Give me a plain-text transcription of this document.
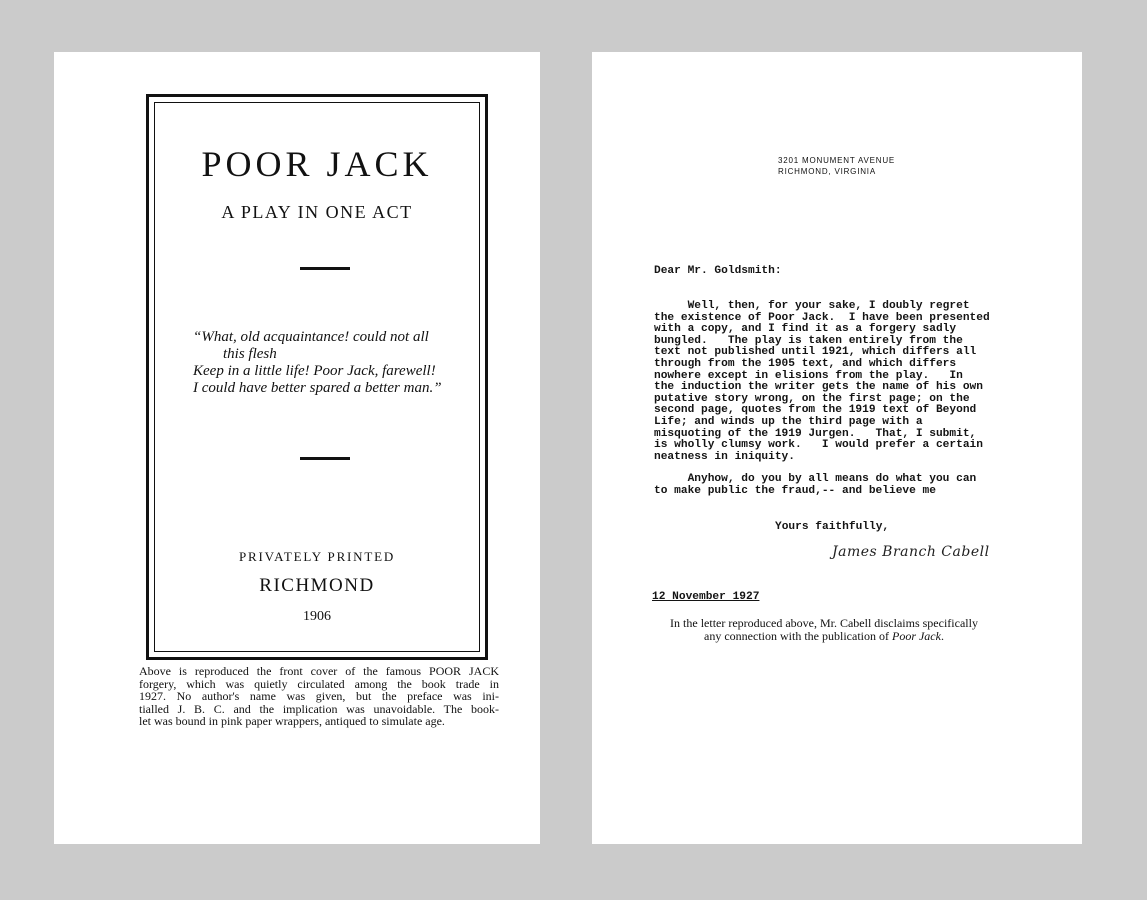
POOR JACK
A PLAY IN ONE ACT
“What, old acquaintance! could not all
this flesh
Keep in a little life! Poor Jack, farewell!
I could have better spared a better man.”
PRIVATELY PRINTED
RICHMOND
1906
Above is reproduced the front cover of the famous POOR JACK
forgery, which was quietly circulated among the book trade in
1927. No author's name was given, but the preface was ini-
tialled J. B. C. and the implication was unavoidable. The book-
let was bound in pink paper wrappers, antiqued to simulate age.
3201 MONUMENT AVENUE
RICHMOND, VIRGINIA
Dear Mr. Goldsmith:
Well, then, for your sake, I doubly regret
the existence of Poor Jack.  I have been presented
with a copy, and I find it as a forgery sadly
bungled.   The play is taken entirely from the
text not published until 1921, which differs all
through from the 1905 text, and which differs
nowhere except in elisions from the play.   In
the induction the writer gets the name of his own
putative story wrong, on the first page; on the
second page, quotes from the 1919 text of Beyond
Life; and winds up the third page with a
misquoting of the 1919 Jurgen.   That, I submit,
is wholly clumsy work.   I would prefer a certain
neatness in iniquity.
Anyhow, do you by all means do what you can
to make public the fraud,-- and believe me
Yours faithfully,
James Branch Cabell
12 November 1927
In the letter reproduced above, Mr. Cabell disclaims specifically
any connection with the publication of Poor Jack.
